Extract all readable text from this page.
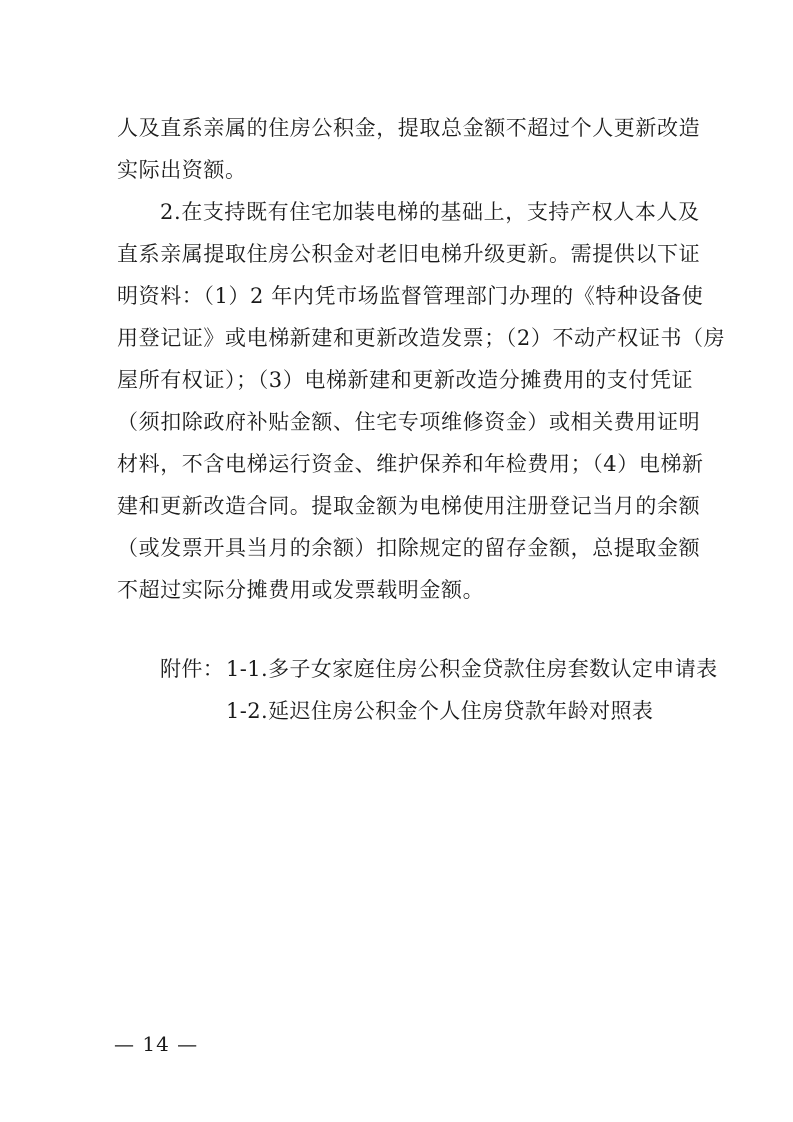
人及直系亲属的住房公积金，提取总金额不超过个人更新改造
实际出资额。
2.在支持既有住宅加装电梯的基础上，支持产权人本人及
直系亲属提取住房公积金对老旧电梯升级更新。需提供以下证
明资料：（1）2 年内凭市场监督管理部门办理的《特种设备使
用登记证》或电梯新建和更新改造发票；（2）不动产权证书（房
屋所有权证）；（3）电梯新建和更新改造分摊费用的支付凭证
（须扣除政府补贴金额、住宅专项维修资金）或相关费用证明
材料，不含电梯运行资金、维护保养和年检费用；（4）电梯新
建和更新改造合同。提取金额为电梯使用注册登记当月的余额
（或发票开具当月的余额）扣除规定的留存金额，总提取金额
不超过实际分摊费用或发票载明金额。
附件： 1-1.多子女家庭住房公积金贷款住房套数认定申请表
1-2.延迟住房公积金个人住房贷款年龄对照表
— 14 —
